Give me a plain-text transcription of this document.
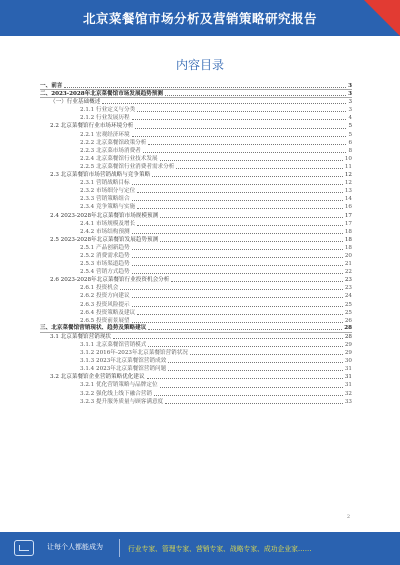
北京菜餐馆市场分析及营销策略研究报告
内容目录
一、前言	3
二、2023-2028年北京菜餐馆市场发展趋势预测	3
（一）行业基础概述	3
2.1.1 行业定义与分类	3
2.1.2 行业发展历程	4
2.2 北京菜餐馆行业市场环境分析	5
2.2.1 宏观经济环境	5
2.2.2 北京菜餐馆政策分析	6
2.2.3 北京菜市场消费者	8
2.2.4 北京菜餐馆行业技术发展	10
2.2.5 北京菜餐馆行业消费者需求分析	11
2.3 北京菜餐馆市场营销战略与竞争策略	12
2.3.1 营销战略目标	12
2.3.2 市场细分与定位	13
2.3.3 营销策略组合	14
2.3.4 竞争策略与实施	16
2.4 2023-2028年北京菜餐馆市场规模预测	17
2.4.1 市场规模及增长	17
2.4.2 市场结构预测	18
2.5 2023-2028年北京菜餐馆发展趋势预测	18
2.5.1 产品创新趋势	18
2.5.2 消费需求趋势	20
2.5.3 市场渠道趋势	21
2.5.4 营销方式趋势	22
2.6 2023-2028年北京菜餐馆行业投资机会分析	23
2.6.1 投资机会	23
2.6.2 投资方向建议	24
2.6.3 投资风险提示	25
2.6.4 投资策略及建议	25
2.6.5 投资前景展望	26
三、北京菜餐馆营销现状、趋势及策略建议	28
3.1 北京菜餐馆营销现状	28
3.1.1 北京菜餐馆营销模式	29
3.1.2 2016年-2023年北京菜餐馆营销状况	29
3.1.3 2023年北京菜餐馆营销成效	30
3.1.4 2023年北京菜餐馆营销问题	31
3.2 北京菜餐馆企业营销策略优化建议	31
3.2.1 优化营销策略与品牌定位	31
3.2.2 强化线上线下融合营销	32
3.2.3 提升服务质量与顾客满意度	33
2
让每个人都能成为	行业专家、管理专家、营销专家、战略专家、成功企业家……
